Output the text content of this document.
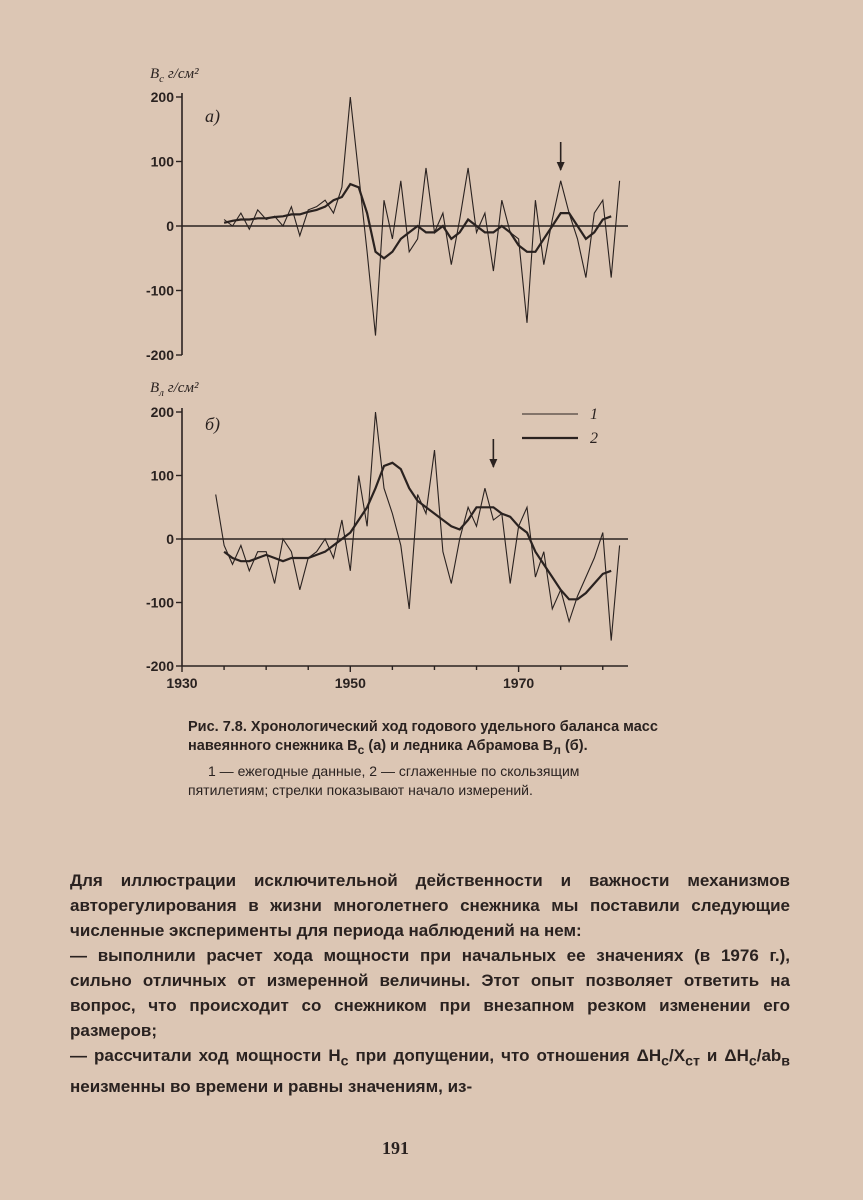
200
100
0
-100
-200
$B_с$ г/см²
а)
200
100
0
-100
-200
$B_л$ г/см²
б)
1930	1950	1970
1
2

Рис. 7.8. Хронологический ход годового удельного баланса масс навеянного снежника $B_с$ (а) и ледника Абрамова $B_л$ (б).

1 — ежегодные данные, 2 — сглаженные по скользящим пятилетиям; стрелки показывают начало измерений.

Для иллюстрации исключительной действенности и важности механизмов авторегулирования в жизни многолетнего снежника мы поставили следующие численные эксперименты для периода наблюдений на нем:

— выполнили расчет хода мощности при начальных ее значениях (в 1976 г.), сильно отличных от измеренной величины. Этот опыт позволяет ответить на вопрос, что происходит со снежником при внезапном резком изменении его размеров;

— рассчитали ход мощности $H_с$ при допущении, что отношения $\Delta H_с/X_{ст}$ и $\Delta H_с/ab_в$ неизменны во времени и равны значениям, из-

191
